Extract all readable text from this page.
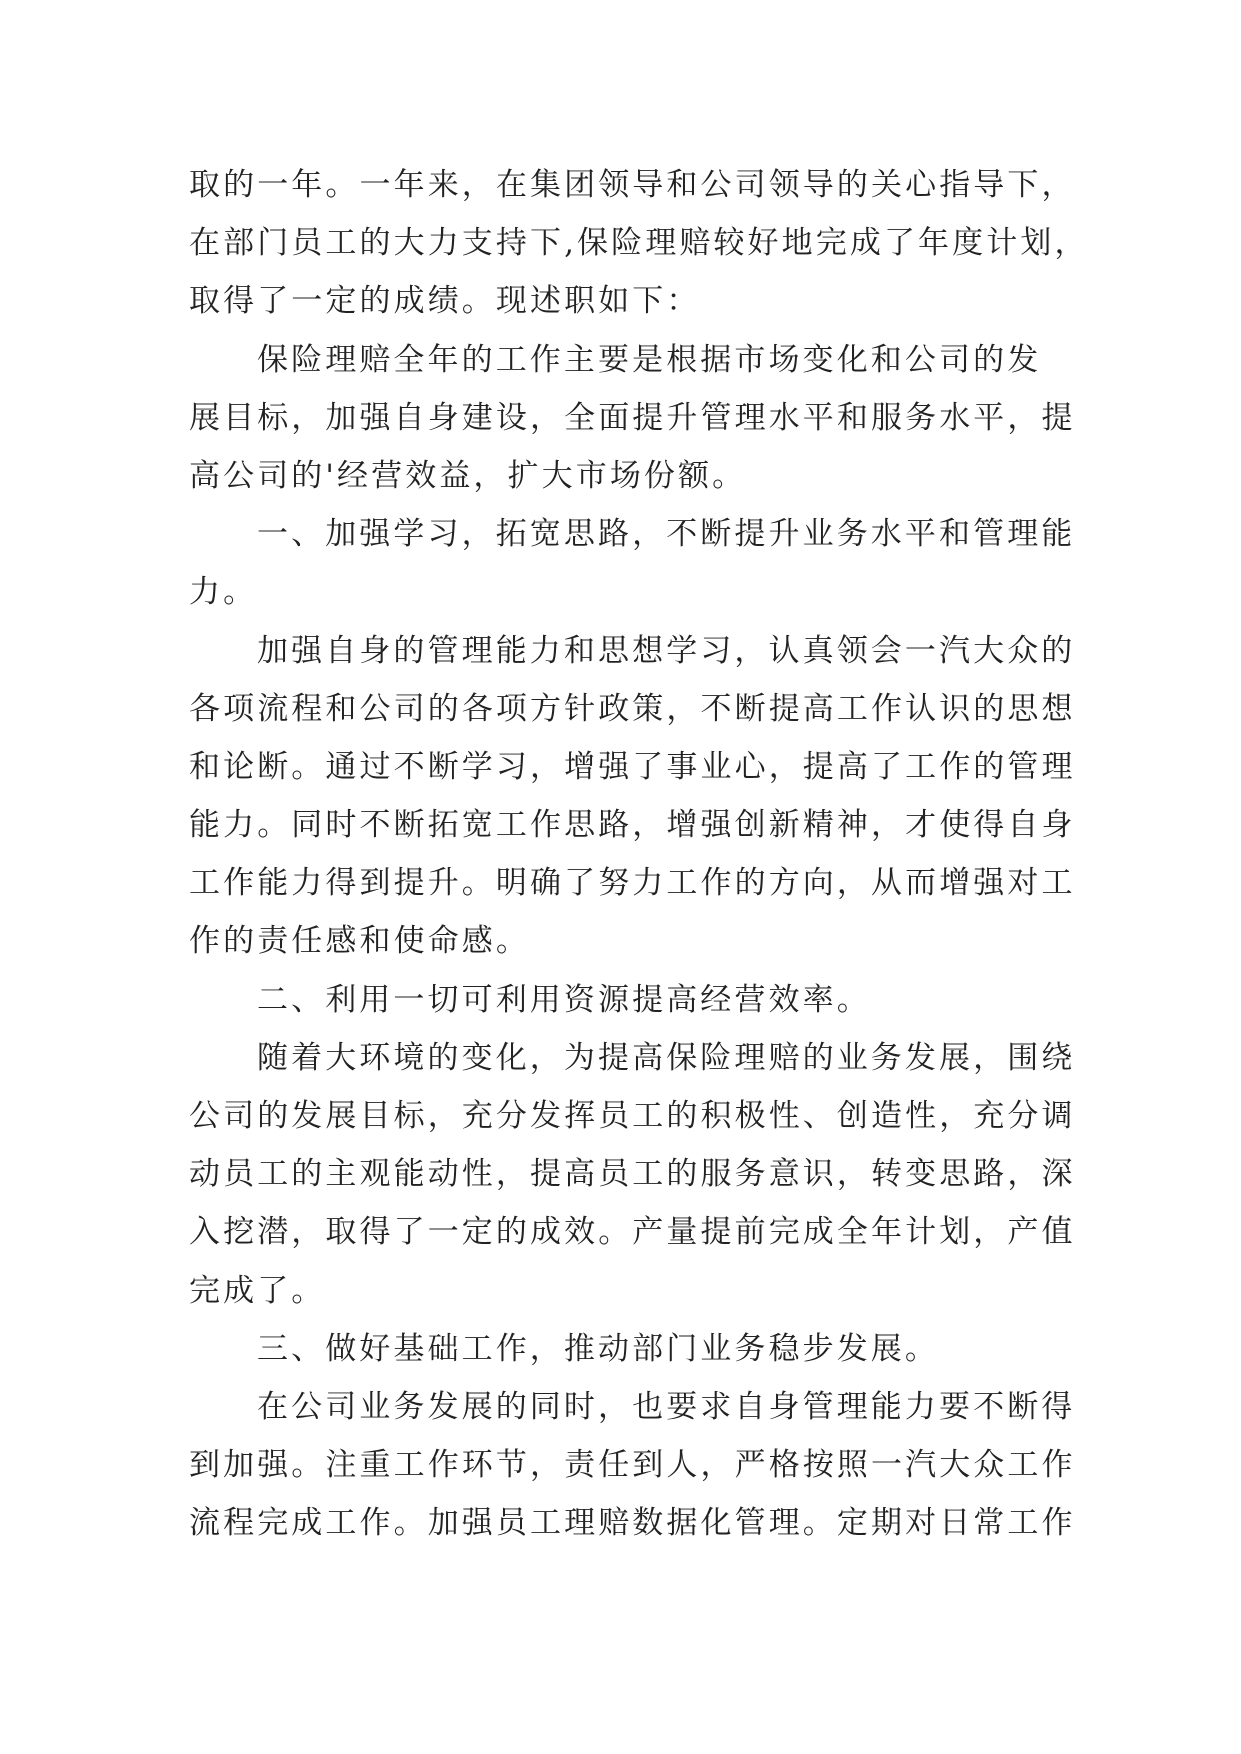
取的一年。一年来，在集团领导和公司领导的关心指导下，
在部门员工的大力支持下,保险理赔较好地完成了年度计划，
取得了一定的成绩。现述职如下：
保险理赔全年的工作主要是根据市场变化和公司的发
展目标，加强自身建设，全面提升管理水平和服务水平，提
高公司的'经营效益，扩大市场份额。
一、加强学习，拓宽思路，不断提升业务水平和管理能
力。
加强自身的管理能力和思想学习，认真领会一汽大众的
各项流程和公司的各项方针政策，不断提高工作认识的思想
和论断。通过不断学习，增强了事业心，提高了工作的管理
能力。同时不断拓宽工作思路，增强创新精神，才使得自身
工作能力得到提升。明确了努力工作的方向，从而增强对工
作的责任感和使命感。
二、利用一切可利用资源提高经营效率。
随着大环境的变化，为提高保险理赔的业务发展，围绕
公司的发展目标，充分发挥员工的积极性、创造性，充分调
动员工的主观能动性，提高员工的服务意识，转变思路，深
入挖潜，取得了一定的成效。产量提前完成全年计划，产值
完成了。
三、做好基础工作，推动部门业务稳步发展。
在公司业务发展的同时，也要求自身管理能力要不断得
到加强。注重工作环节，责任到人，严格按照一汽大众工作
流程完成工作。加强员工理赔数据化管理。定期对日常工作
